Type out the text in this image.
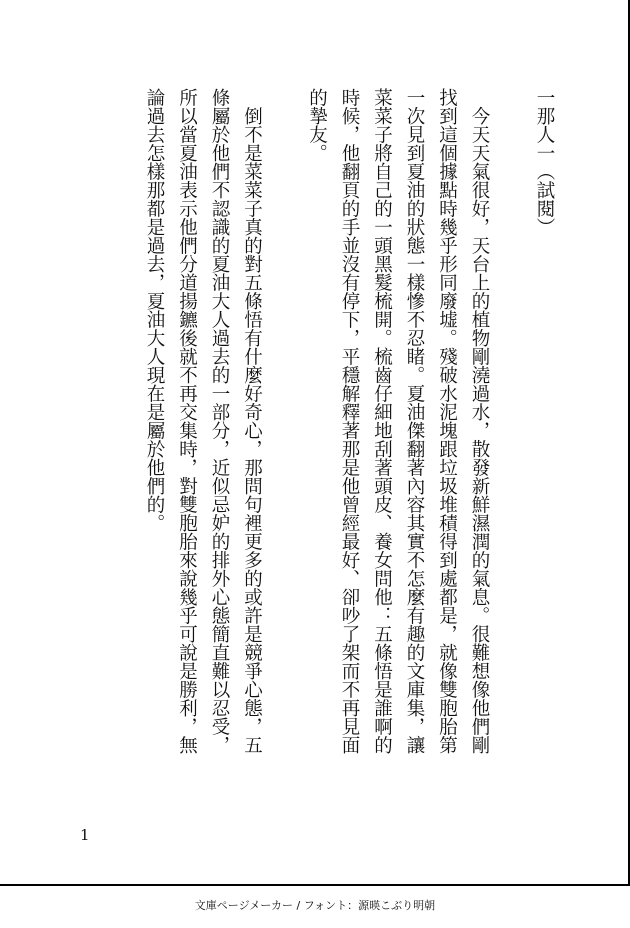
一那人一（試閱）
　今天天氣很好，天台上的植物剛澆過水，散發新鮮濕潤的氣息。很難想像他們剛
找到這個據點時幾乎形同廢墟。殘破水泥塊跟垃圾堆積得到處都是，就像雙胞胎第
一次見到夏油的狀態一樣慘不忍睹。夏油傑翻著內容其實不怎麼有趣的文庫集，讓
菜菜子將自己的一頭黑髮梳開。梳齒仔細地刮著頭皮、養女問他：五條悟是誰啊的
時候，他翻頁的手並沒有停下，平穩解釋著那是他曾經最好、卻吵了架而不再見面
的摯友。
　倒不是菜菜子真的對五條悟有什麼好奇心，那問句裡更多的或許是競爭心態，五
條屬於他們不認識的夏油大人過去的一部分，近似忌妒的排外心態簡直難以忍受，
所以當夏油表示他們分道揚鑣後就不再交集時，對雙胞胎來說幾乎可說是勝利，無
論過去怎樣那都是過去，夏油大人現在是屬於他們的。
1
文庫ページメーカー / フォント：源暎こぶり明朝
